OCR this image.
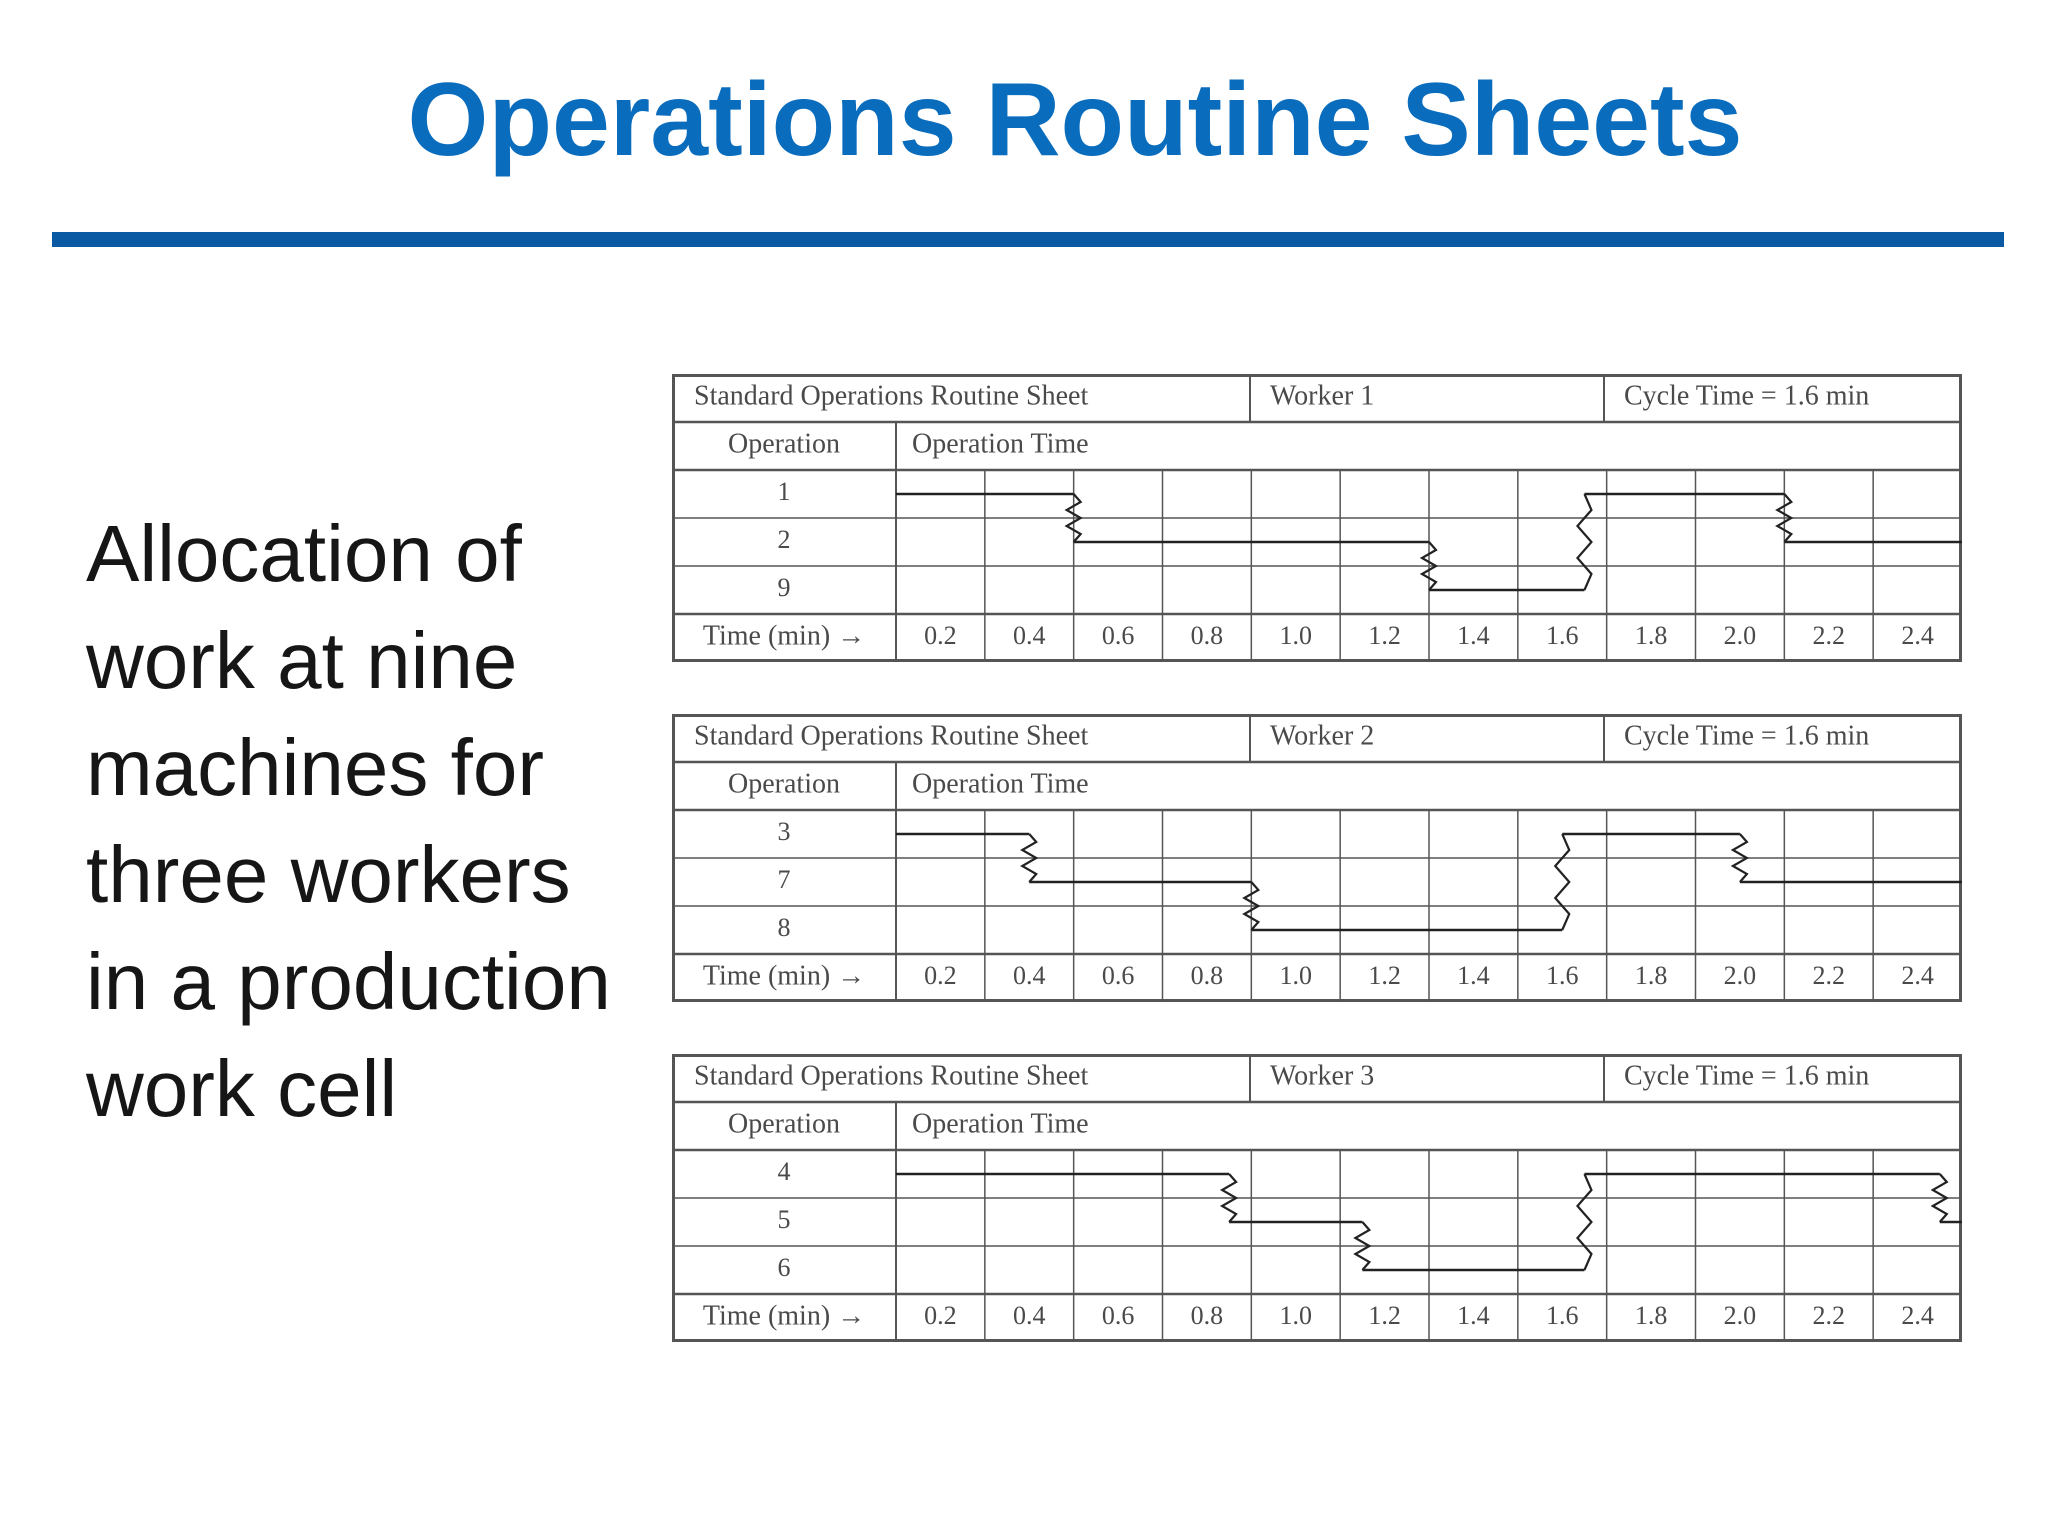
Operations Routine Sheets

Allocation of work at nine machines for three workers in a production work cell

Standard Operations Routine Sheet	Worker 1	Cycle Time = 1.6 min
Operation	Operation Time
1
2
9
Time (min) → 0.2 0.4 0.6 0.8 1.0 1.2 1.4 1.6 1.8 2.0 2.2 2.4
Standard Operations Routine Sheet	Worker 2	Cycle Time = 1.6 min
Operation	Operation Time
3
7
8
Time (min) → 0.2 0.4 0.6 0.8 1.0 1.2 1.4 1.6 1.8 2.0 2.2 2.4
Standard Operations Routine Sheet	Worker 3	Cycle Time = 1.6 min
Operation	Operation Time
4
5
6
Time (min) → 0.2 0.4 0.6 0.8 1.0 1.2 1.4 1.6 1.8 2.0 2.2 2.4
